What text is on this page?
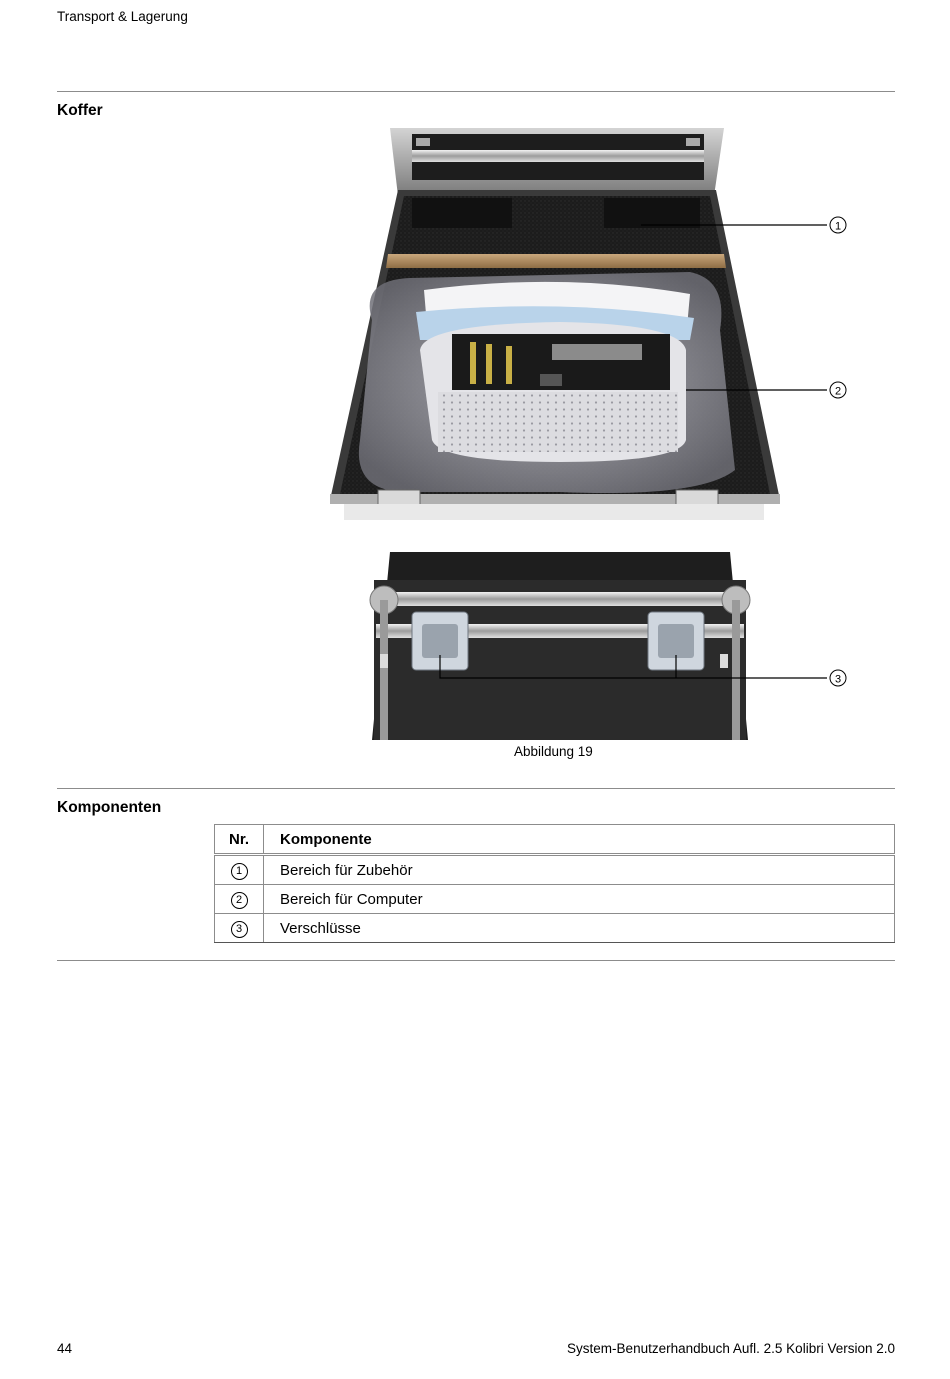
Transport & Lagerung
Koffer
1
2
3
Abbildung 19
Komponenten
Nr.	Komponente
1	Bereich für Zubehör
2	Bereich für Computer
3	Verschlüsse
44	System-Benutzerhandbuch Aufl. 2.5 Kolibri Version 2.0
